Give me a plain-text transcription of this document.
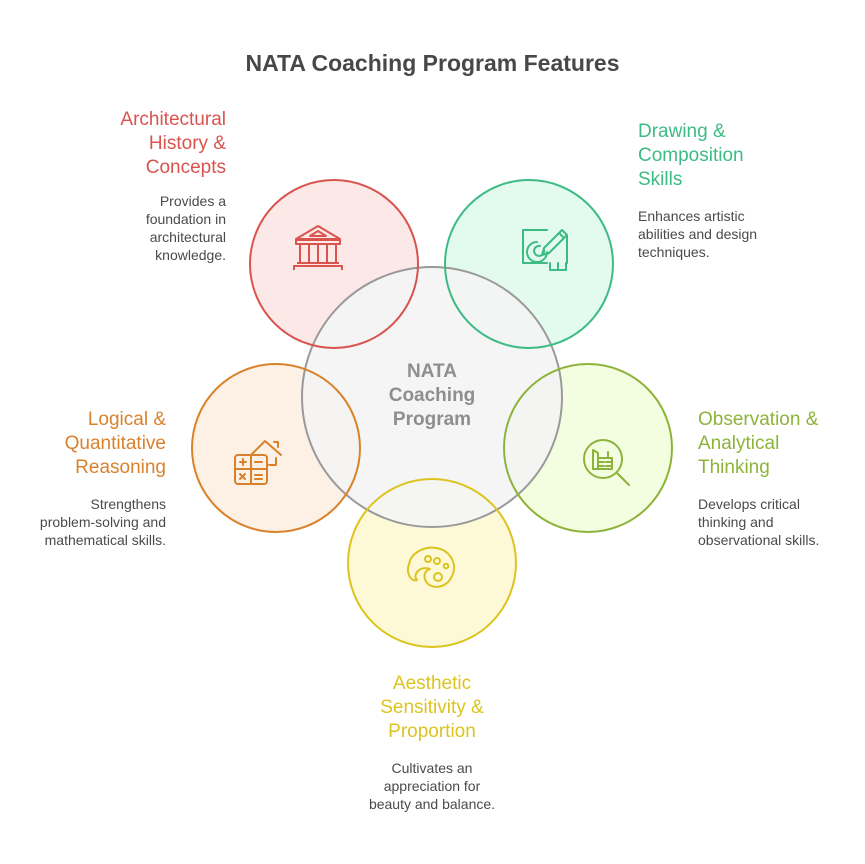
NATA Coaching Program Features
NATA
Coaching
Program
Architectural
History &
Concepts
Provides a
foundation in
architectural
knowledge.
Drawing &
Composition
Skills
Enhances artistic
abilities and design
techniques.
Logical &
Quantitative
Reasoning
Strengthens
problem-solving and
mathematical skills.
Observation &
Analytical
Thinking
Develops critical
thinking and
observational skills.
Aesthetic
Sensitivity &
Proportion
Cultivates an
appreciation for
beauty and balance.
